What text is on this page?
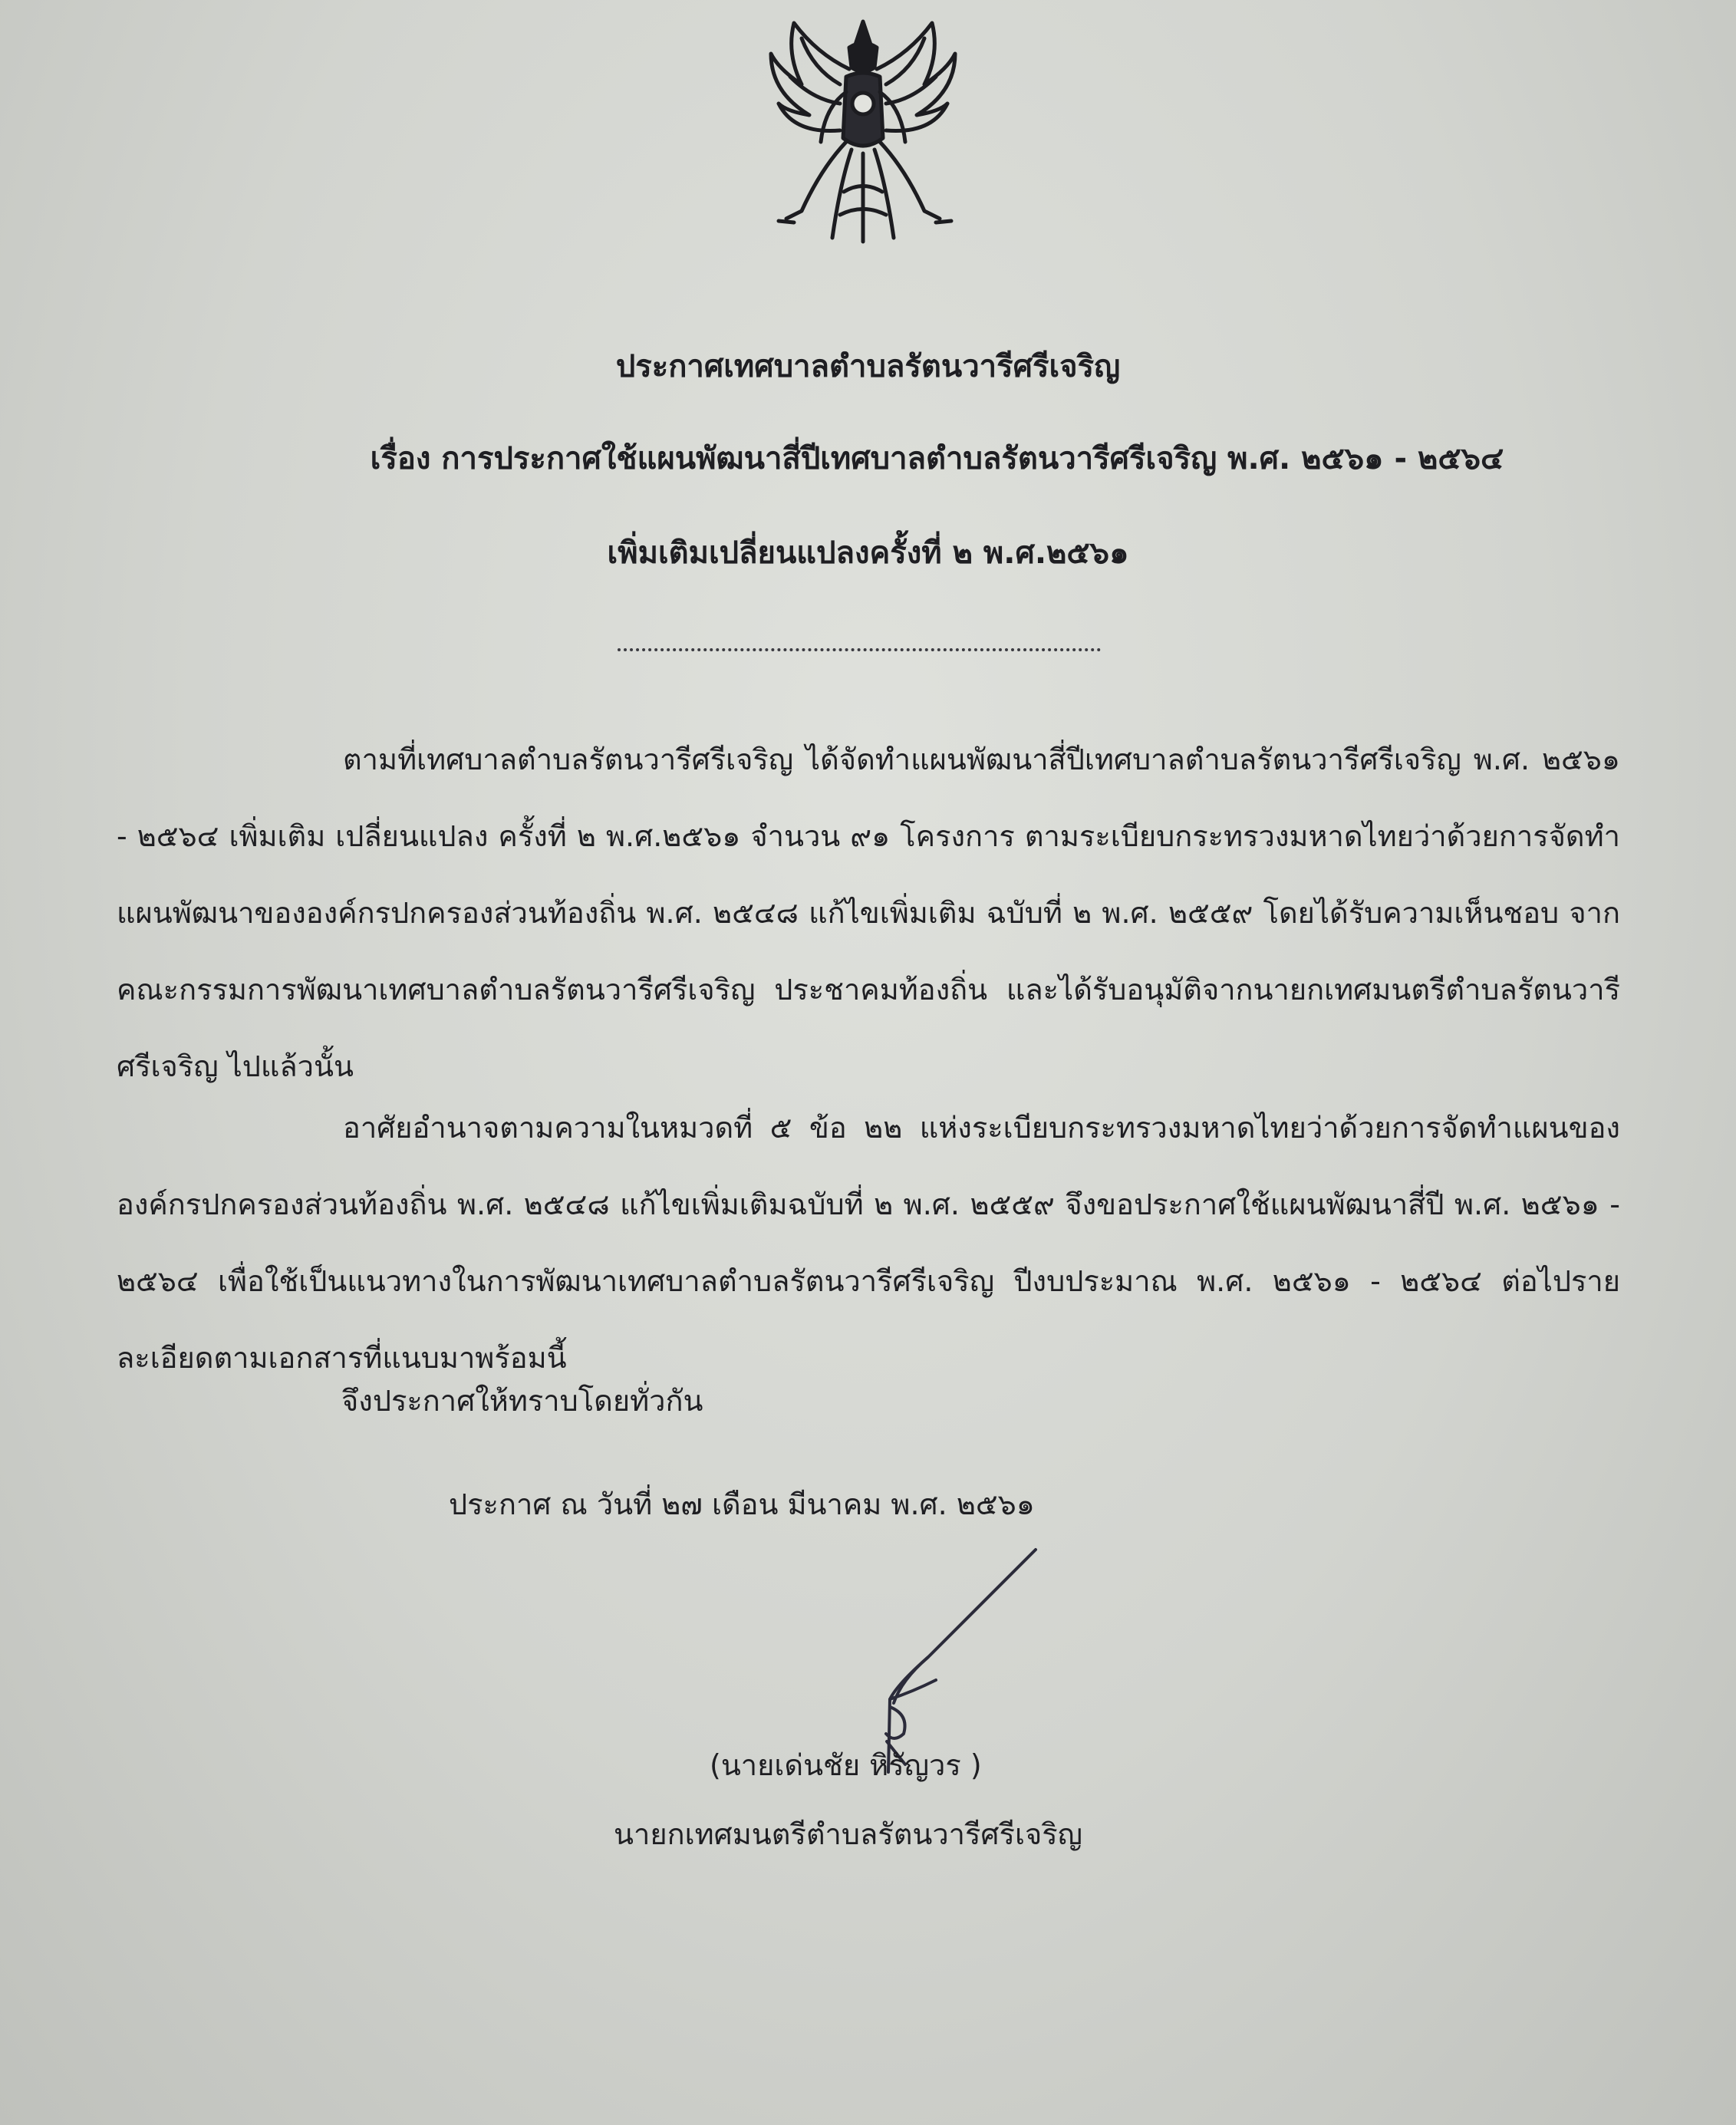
ประกาศเทศบาลตำบลรัตนวารีศรีเจริญ
เรื่อง การประกาศใช้แผนพัฒนาสี่ปีเทศบาลตำบลรัตนวารีศรีเจริญ พ.ศ. ๒๕๖๑ - ๒๕๖๔
เพิ่มเติมเปลี่ยนแปลงครั้งที่ ๒ พ.ศ.๒๕๖๑

ตามที่เทศบาลตำบลรัตนวารีศรีเจริญ ได้จัดทำแผนพัฒนาสี่ปีเทศบาลตำบลรัตนวารีศรีเจริญ พ.ศ. ๒๕๖๑ - ๒๕๖๔ เพิ่มเติม เปลี่ยนแปลง ครั้งที่ ๒ พ.ศ.๒๕๖๑ จำนวน ๙๑ โครงการ ตามระเบียบกระทรวงมหาดไทยว่าด้วยการจัดทำแผนพัฒนาขององค์กรปกครองส่วนท้องถิ่น พ.ศ. ๒๕๔๘ แก้ไขเพิ่มเติม ฉบับที่ ๒ พ.ศ. ๒๕๕๙ โดยได้รับความเห็นชอบ จากคณะกรรมการพัฒนาเทศบาลตำบลรัตนวารีศรีเจริญ ประชาคมท้องถิ่น และได้รับอนุมัติจากนายกเทศมนตรีตำบลรัตนวารีศรีเจริญ ไปแล้วนั้น

อาศัยอำนาจตามความในหมวดที่ ๕ ข้อ ๒๒ แห่งระเบียบกระทรวงมหาดไทยว่าด้วยการจัดทำแผนขององค์กรปกครองส่วนท้องถิ่น พ.ศ. ๒๕๔๘ แก้ไขเพิ่มเติมฉบับที่ ๒ พ.ศ. ๒๕๕๙ จึงขอประกาศใช้แผนพัฒนาสี่ปี พ.ศ. ๒๕๖๑ - ๒๕๖๔ เพื่อใช้เป็นแนวทางในการพัฒนาเทศบาลตำบลรัตนวารีศรีเจริญ ปีงบประมาณ พ.ศ. ๒๕๖๑ - ๒๕๖๔ ต่อไปรายละเอียดตามเอกสารที่แนบมาพร้อมนี้

จึงประกาศให้ทราบโดยทั่วกัน
ประกาศ ณ วันที่ ๒๗ เดือน มีนาคม พ.ศ. ๒๕๖๑
(นายเด่นชัย หิรัญวร )
นายกเทศมนตรีตำบลรัตนวารีศรีเจริญ
